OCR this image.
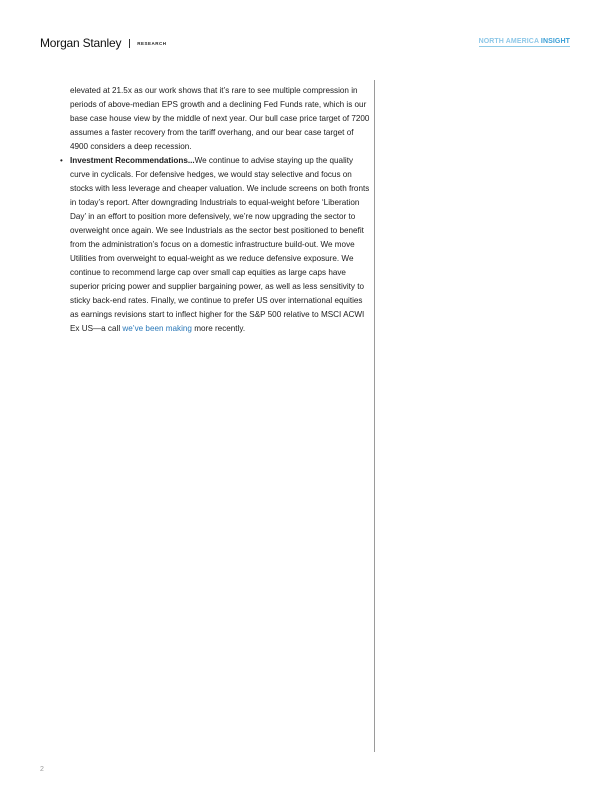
Morgan Stanley	RESEARCH	NORTH AMERICA INSIGHT

elevated at 21.5x as our work shows that it’s rare to see multiple compression in periods of above-median EPS growth and a declining Fed Funds rate, which is our base case house view by the middle of next year. Our bull case price target of 7200 assumes a faster recovery from the tariff overhang, and our bear case target of 4900 considers a deep recession.

• Investment Recommendations...We continue to advise staying up the quality curve in cyclicals. For defensive hedges, we would stay selective and focus on stocks with less leverage and cheaper valuation. We include screens on both fronts in today’s report. After downgrading Industrials to equal-weight before ‘Liberation Day’ in an effort to position more defensively, we’re now upgrading the sector to overweight once again. We see Industrials as the sector best positioned to benefit from the administration’s focus on a domestic infrastructure build-out. We move Utilities from overweight to equal-weight as we reduce defensive exposure. We continue to recommend large cap over small cap equities as large caps have superior pricing power and supplier bargaining power, as well as less sensitivity to sticky back-end rates. Finally, we continue to prefer US over international equities as earnings revisions start to inflect higher for the S&P 500 relative to MSCI ACWI Ex US—a call we’ve been making more recently.

2
